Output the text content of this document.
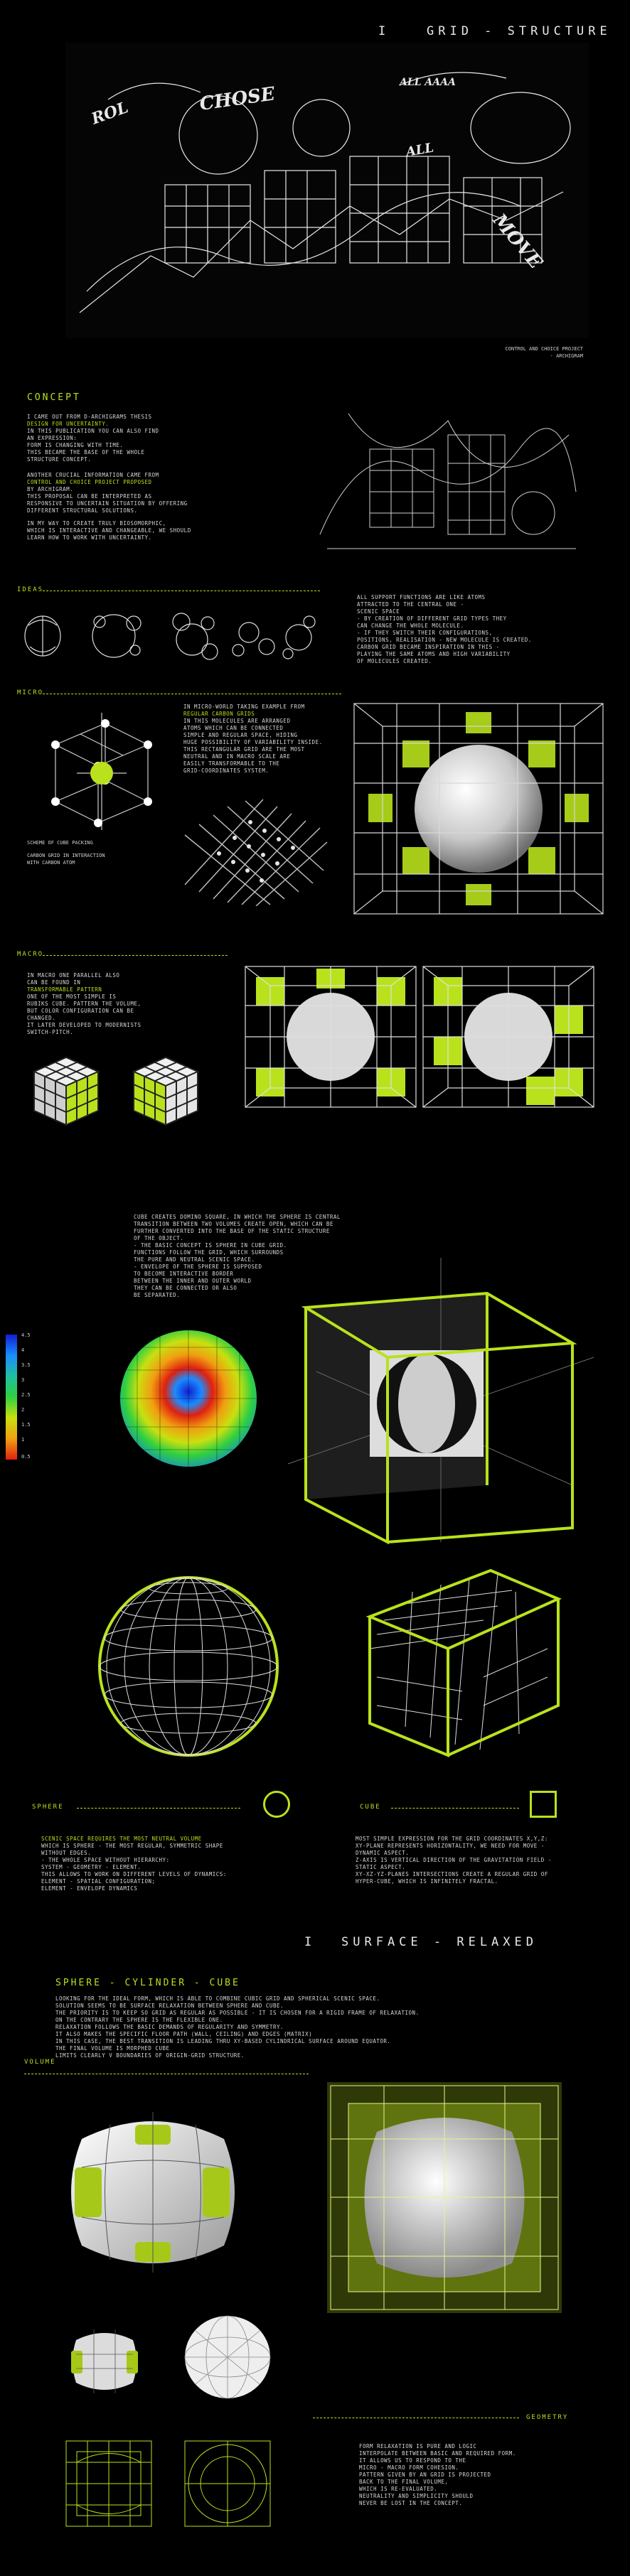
I	GRID - STRUCTURE
ROL	CHOSE
ALL AAAA
ALL
MOVE
CONTROL AND CHOICE PROJECT
- ARCHIGRAM
CONCEPT
I CAME OUT FROM D-ARCHIGRAMS THESIS
DESIGN FOR UNCERTAINTY.
IN THIS PUBLICATION YOU CAN ALSO FIND
AN EXPRESSION:
FORM IS CHANGING WITH TIME.
THIS BECAME THE BASE OF THE WHOLE
STRUCTURE CONCEPT.
ANOTHER CRUCIAL INFORMATION CAME FROM
CONTROL AND CHOICE PROJECT PROPOSED
BY ARCHIGRAM.
THIS PROPOSAL CAN BE INTERPRETED AS
RESPONSIVE TO UNCERTAIN SITUATION BY OFFERING
DIFFERENT STRUCTURAL SOLUTIONS.
IN MY WAY TO CREATE TRULY BIOSOMORPHIC,
WHICH IS INTERACTIVE AND CHANGEABLE, WE SHOULD
LEARN HOW TO WORK WITH UNCERTAINTY.
IDEAS
ALL SUPPORT FUNCTIONS ARE LIKE ATOMS
ATTRACTED TO THE CENTRAL ONE -
SCENIC SPACE
- BY CREATION OF DIFFERENT GRID TYPES THEY
CAN CHANGE THE WHOLE MOLECULE.
- IF THEY SWITCH THEIR CONFIGURATIONS,
POSITIONS, REALISATION - NEW MOLECULE IS CREATED.
CARBON GRID BECAME INSPIRATION IN THIS -
PLAYING THE SAME ATOMS AND HIGH VARIABILITY
OF MOLECULES CREATED.
MICRO
IN MICRO-WORLD TAKING EXAMPLE FROM
REGULAR CARBON GRIDS
IN THIS MOLECULES ARE ARRANGED
ATOMS WHICH CAN BE CONNECTED
SIMPLE AND REGULAR SPACE, HIDING
HUGE POSSIBILITY OF VARIABILITY INSIDE.
THIS RECTANGULAR GRID ARE THE MOST
NEUTRAL AND IN MACRO SCALE ARE
EASILY TRANSFORMABLE TO THE
GRID-COORDINATES SYSTEM.
SCHEME OF CUBE PACKING
CARBON GRID IN INTERACTION
WITH CARBON ATOM
MACRO
IN MACRO ONE PARALLEL ALSO
CAN BE FOUND IN
TRANSFORMABLE PATTERN
ONE OF THE MOST SIMPLE IS
RUBIKS CUBE. PATTERN THE VOLUME,
BUT COLOR CONFIGURATION CAN BE
CHANGED.
IT LATER DEVELOPED TO MODERNISTS
SWITCH-PITCH.
CUBE CREATES DOMINO SQUARE, IN WHICH THE SPHERE IS CENTRAL
TRANSITION BETWEEN TWO VOLUMES CREATE OPEN, WHICH CAN BE
FURTHER CONVERTED INTO THE BASE OF THE STATIC STRUCTURE
OF THE OBJECT.
- THE BASIC CONCEPT IS SPHERE IN CUBE GRID.
FUNCTIONS FOLLOW THE GRID, WHICH SURROUNDS
THE PURE AND NEUTRAL SCENIC SPACE.
- ENVELOPE OF THE SPHERE IS SUPPOSED
TO BECOME INTERACTIVE BORDER
BETWEEN THE INNER AND OUTER WORLD
THEY CAN BE CONNECTED OR ALSO
BE SEPARATED.
4.5
4
3.5
3
2.5
2
1.5
1
0.5
SPHERE	CUBE
SCENIC SPACE REQUIRES THE MOST NEUTRAL VOLUME
WHICH IS SPHERE - THE MOST REGULAR, SYMMETRIC SHAPE
WITHOUT EDGES.
- THE WHOLE SPACE WITHOUT HIERARCHY:
SYSTEM - GEOMETRY - ELEMENT.
THIS ALLOWS TO WORK ON DIFFERENT LEVELS OF DYNAMICS:
ELEMENT - SPATIAL CONFIGURATION;
ELEMENT - ENVELOPE DYNAMICS
MOST SIMPLE EXPRESSION FOR THE GRID COORDINATES X,Y,Z:
XY-PLANE REPRESENTS HORIZONTALITY, WE NEED FOR MOVE -
DYNAMIC ASPECT.
Z-AXIS IS VERTICAL DIRECTION OF THE GRAVITATION FIELD -
STATIC ASPECT.
XY-XZ-YZ-PLANES INTERSECTIONS CREATE A REGULAR GRID OF
HYPER-CUBE, WHICH IS INFINITELY FRACTAL.
I SURFACE - RELAXED
SPHERE - CYLINDER - CUBE
LOOKING FOR THE IDEAL FORM, WHICH IS ABLE TO COMBINE CUBIC GRID AND SPHERICAL SCENIC SPACE.
SOLUTION SEEMS TO BE SURFACE RELAXATION BETWEEN SPHERE AND CUBE.
THE PRIORITY IS TO KEEP SO GRID AS REGULAR AS POSSIBLE - IT IS CHOSEN FOR A RIGID FRAME OF RELAXATION.
ON THE CONTRARY THE SPHERE IS THE FLEXIBLE ONE.
RELAXATION FOLLOWS THE BASIC DEMANDS OF REGULARITY AND SYMMETRY.
IT ALSO MAKES THE SPECIFIC FLOOR PATH (WALL, CEILING) AND EDGES (MATRIX)
IN THIS CASE, THE BEST TRANSITION IS LEADING THRU XY-BASED CYLINDRICAL SURFACE AROUND EQUATOR.
THE FINAL VOLUME IS MORPHED CUBE
LIMITS CLEARLY V BOUNDARIES OF ORIGIN-GRID STRUCTURE.
VOLUME
GEOMETRY
FORM RELAXATION IS PURE AND LOGIC
INTERPOLATE BETWEEN BASIC AND REQUIRED FORM.
IT ALLOWS US TO RESPOND TO THE
MICRO - MACRO FORM COHESION.
PATTERN GIVEN BY AN GRID IS PROJECTED
BACK TO THE FINAL VOLUME,
WHICH IS RE-EVALUATED.
NEUTRALITY AND SIMPLICITY SHOULD
NEVER BE LOST IN THE CONCEPT.
